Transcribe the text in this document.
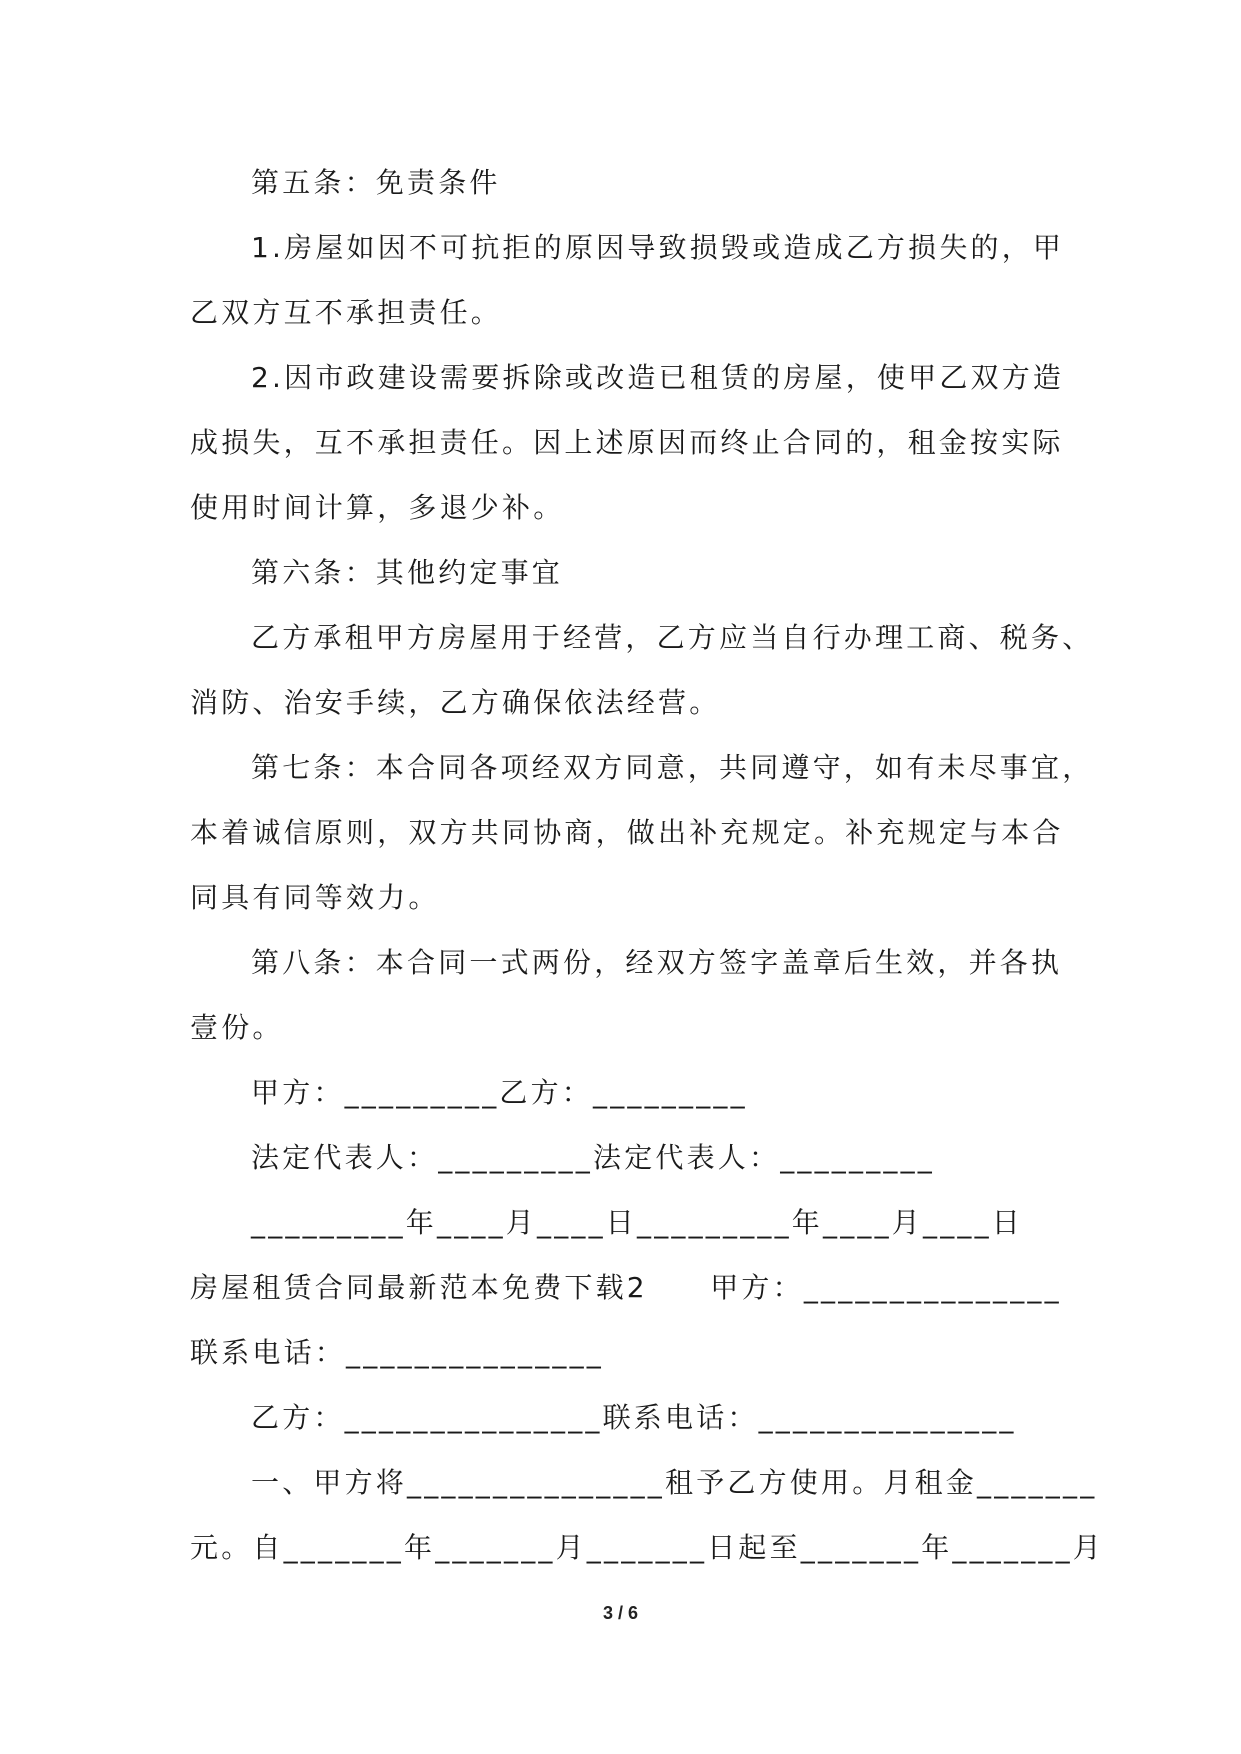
第五条：免责条件
1.房屋如因不可抗拒的原因导致损毁或造成乙方损失的，甲
乙双方互不承担责任。
2.因市政建设需要拆除或改造已租赁的房屋，使甲乙双方造
成损失，互不承担责任。因上述原因而终止合同的，租金按实际
使用时间计算，多退少补。
第六条：其他约定事宜
乙方承租甲方房屋用于经营，乙方应当自行办理工商、税务、
消防、治安手续，乙方确保依法经营。
第七条：本合同各项经双方同意，共同遵守，如有未尽事宜，
本着诚信原则，双方共同协商，做出补充规定。补充规定与本合
同具有同等效力。
第八条：本合同一式两份，经双方签字盖章后生效，并各执
壹份。
甲方：_________乙方：_________
法定代表人：_________法定代表人：_________
_________年____月____日_________年____月____日
房屋租赁合同最新范本免费下载2　　甲方：_______________
联系电话：_______________
乙方：_______________联系电话：_______________
一、甲方将_______________租予乙方使用。月租金_______
元。自_______年_______月_______日起至_______年_______月
3 / 6
